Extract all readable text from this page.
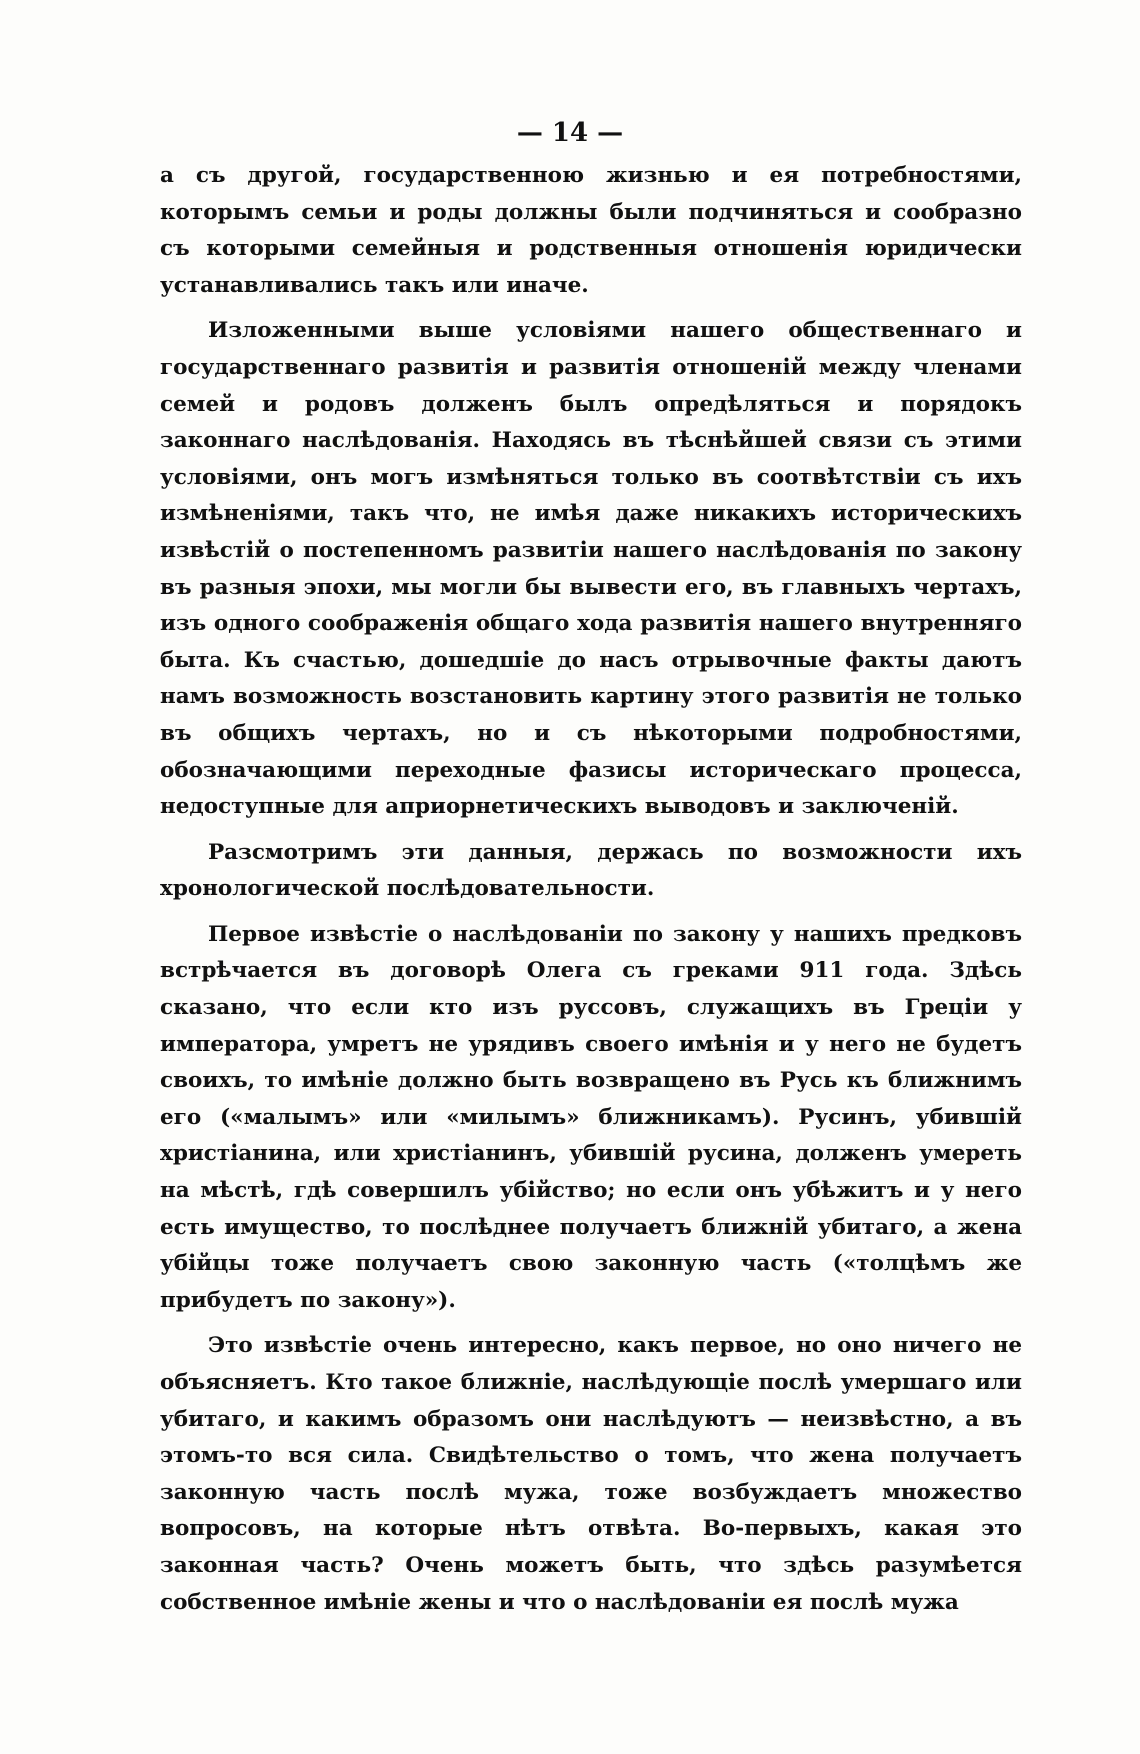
— 14 —

а съ другой, государственною жизнью и ея потребностями, которымъ семьи и роды должны были подчиняться и сообразно съ которыми семейныя и родственныя отношенія юридически устанавливались такъ или иначе.

Изложенными выше условіями нашего общественнаго и государственнаго развитія и развитія отношеній между членами семей и родовъ долженъ былъ опредѣляться и порядокъ законнаго наслѣдованія. Находясь въ тѣснѣйшей связи съ этими условіями, онъ могъ измѣняться только въ соотвѣтствіи съ ихъ измѣненіями, такъ что, не имѣя даже никакихъ историческихъ извѣстій о постепенномъ развитіи нашего наслѣдованія по закону въ разныя эпохи, мы могли бы вывести его, въ главныхъ чертахъ, изъ одного соображенія общаго хода развитія нашего внутренняго быта. Къ счастью, дошедшіе до насъ отрывочные факты даютъ намъ возможность возстановить картину этого развитія не только въ общихъ чертахъ, но и съ нѣкоторыми подробностями, обозначающими переходные фазисы историческаго процесса, недоступные для априорнетическихъ выводовъ и заключеній.

Разсмотримъ эти данныя, держась по возможности ихъ хронологической послѣдовательности.

Первое извѣстіе о наслѣдованіи по закону у нашихъ предковъ встрѣчается въ договорѣ Олега съ греками 911 года. Здѣсь сказано, что если кто изъ руссовъ, служащихъ въ Греціи у императора, умретъ не урядивъ своего имѣнія и у него не будетъ своихъ, то имѣніе должно быть возвращено въ Русь къ ближнимъ его («малымъ» или «милымъ» ближникамъ). Русинъ, убившій христіанина, или христіанинъ, убившій русина, долженъ умереть на мѣстѣ, гдѣ совершилъ убійство; но если онъ убѣжитъ и у него есть имущество, то послѣднее получаетъ ближній убитаго, а жена убійцы тоже получаетъ свою законную часть («толцѣмъ же прибудетъ по закону»).

Это извѣстіе очень интересно, какъ первое, но оно ничего не объясняетъ. Кто такое ближніе, наслѣдующіе послѣ умершаго или убитаго, и какимъ образомъ они наслѣдуютъ — неизвѣстно, а въ этомъ-то вся сила. Свидѣтельство о томъ, что жена получаетъ законную часть послѣ мужа, тоже возбуждаетъ множество вопросовъ, на которые нѣтъ отвѣта. Во-первыхъ, какая это законная часть? Очень можетъ быть, что здѣсь разумѣется собственное имѣніе жены и что о наслѣдованіи ея послѣ мужа
